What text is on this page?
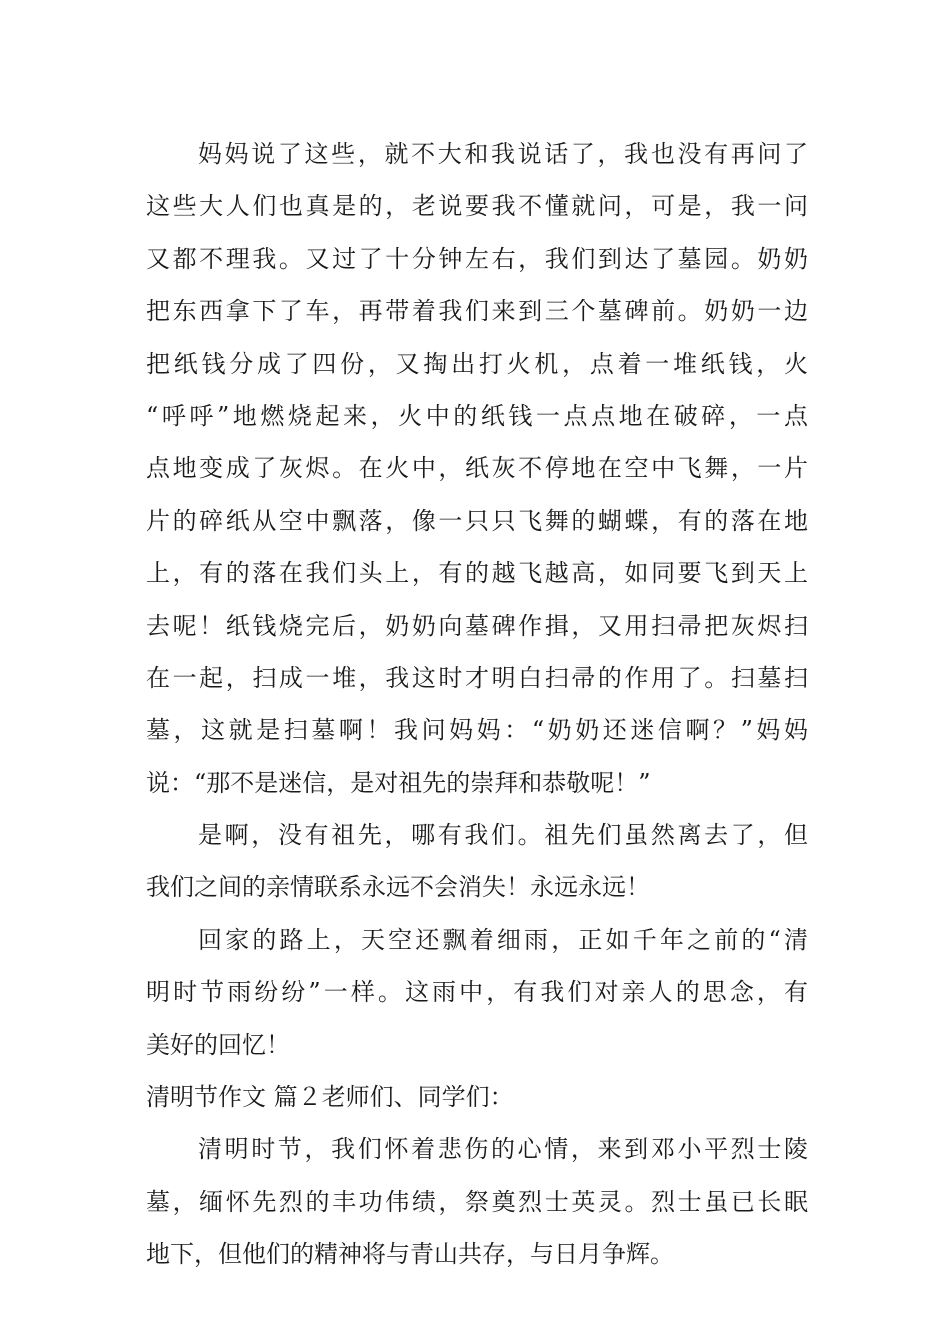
妈妈说了这些，就不大和我说话了，我也没有再问了
这些大人们也真是的，老说要我不懂就问，可是，我一问
又都不理我。又过了十分钟左右，我们到达了墓园。奶奶
把东西拿下了车，再带着我们来到三个墓碑前。奶奶一边
把纸钱分成了四份，又掏出打火机，点着一堆纸钱，火
“呼呼”地燃烧起来，火中的纸钱一点点地在破碎，一点
点地变成了灰烬。在火中，纸灰不停地在空中飞舞，一片
片的碎纸从空中飘落，像一只只飞舞的蝴蝶，有的落在地
上，有的落在我们头上，有的越飞越高，如同要飞到天上
去呢！纸钱烧完后，奶奶向墓碑作揖，又用扫帚把灰烬扫
在一起，扫成一堆，我这时才明白扫帚的作用了。扫墓扫
墓，这就是扫墓啊！我问妈妈：“奶奶还迷信啊？”妈妈
说：“那不是迷信，是对祖先的崇拜和恭敬呢！”
是啊，没有祖先，哪有我们。祖先们虽然离去了，但
我们之间的亲情联系永远不会消失！永远永远！
回家的路上，天空还飘着细雨，正如千年之前的“清
明时节雨纷纷”一样。这雨中，有我们对亲人的思念，有
美好的回忆！
清明节作文 篇２老师们、同学们：
清明时节，我们怀着悲伤的心情，来到邓小平烈士陵
墓，缅怀先烈的丰功伟绩，祭奠烈士英灵。烈士虽已长眠
地下，但他们的精神将与青山共存，与日月争辉。
